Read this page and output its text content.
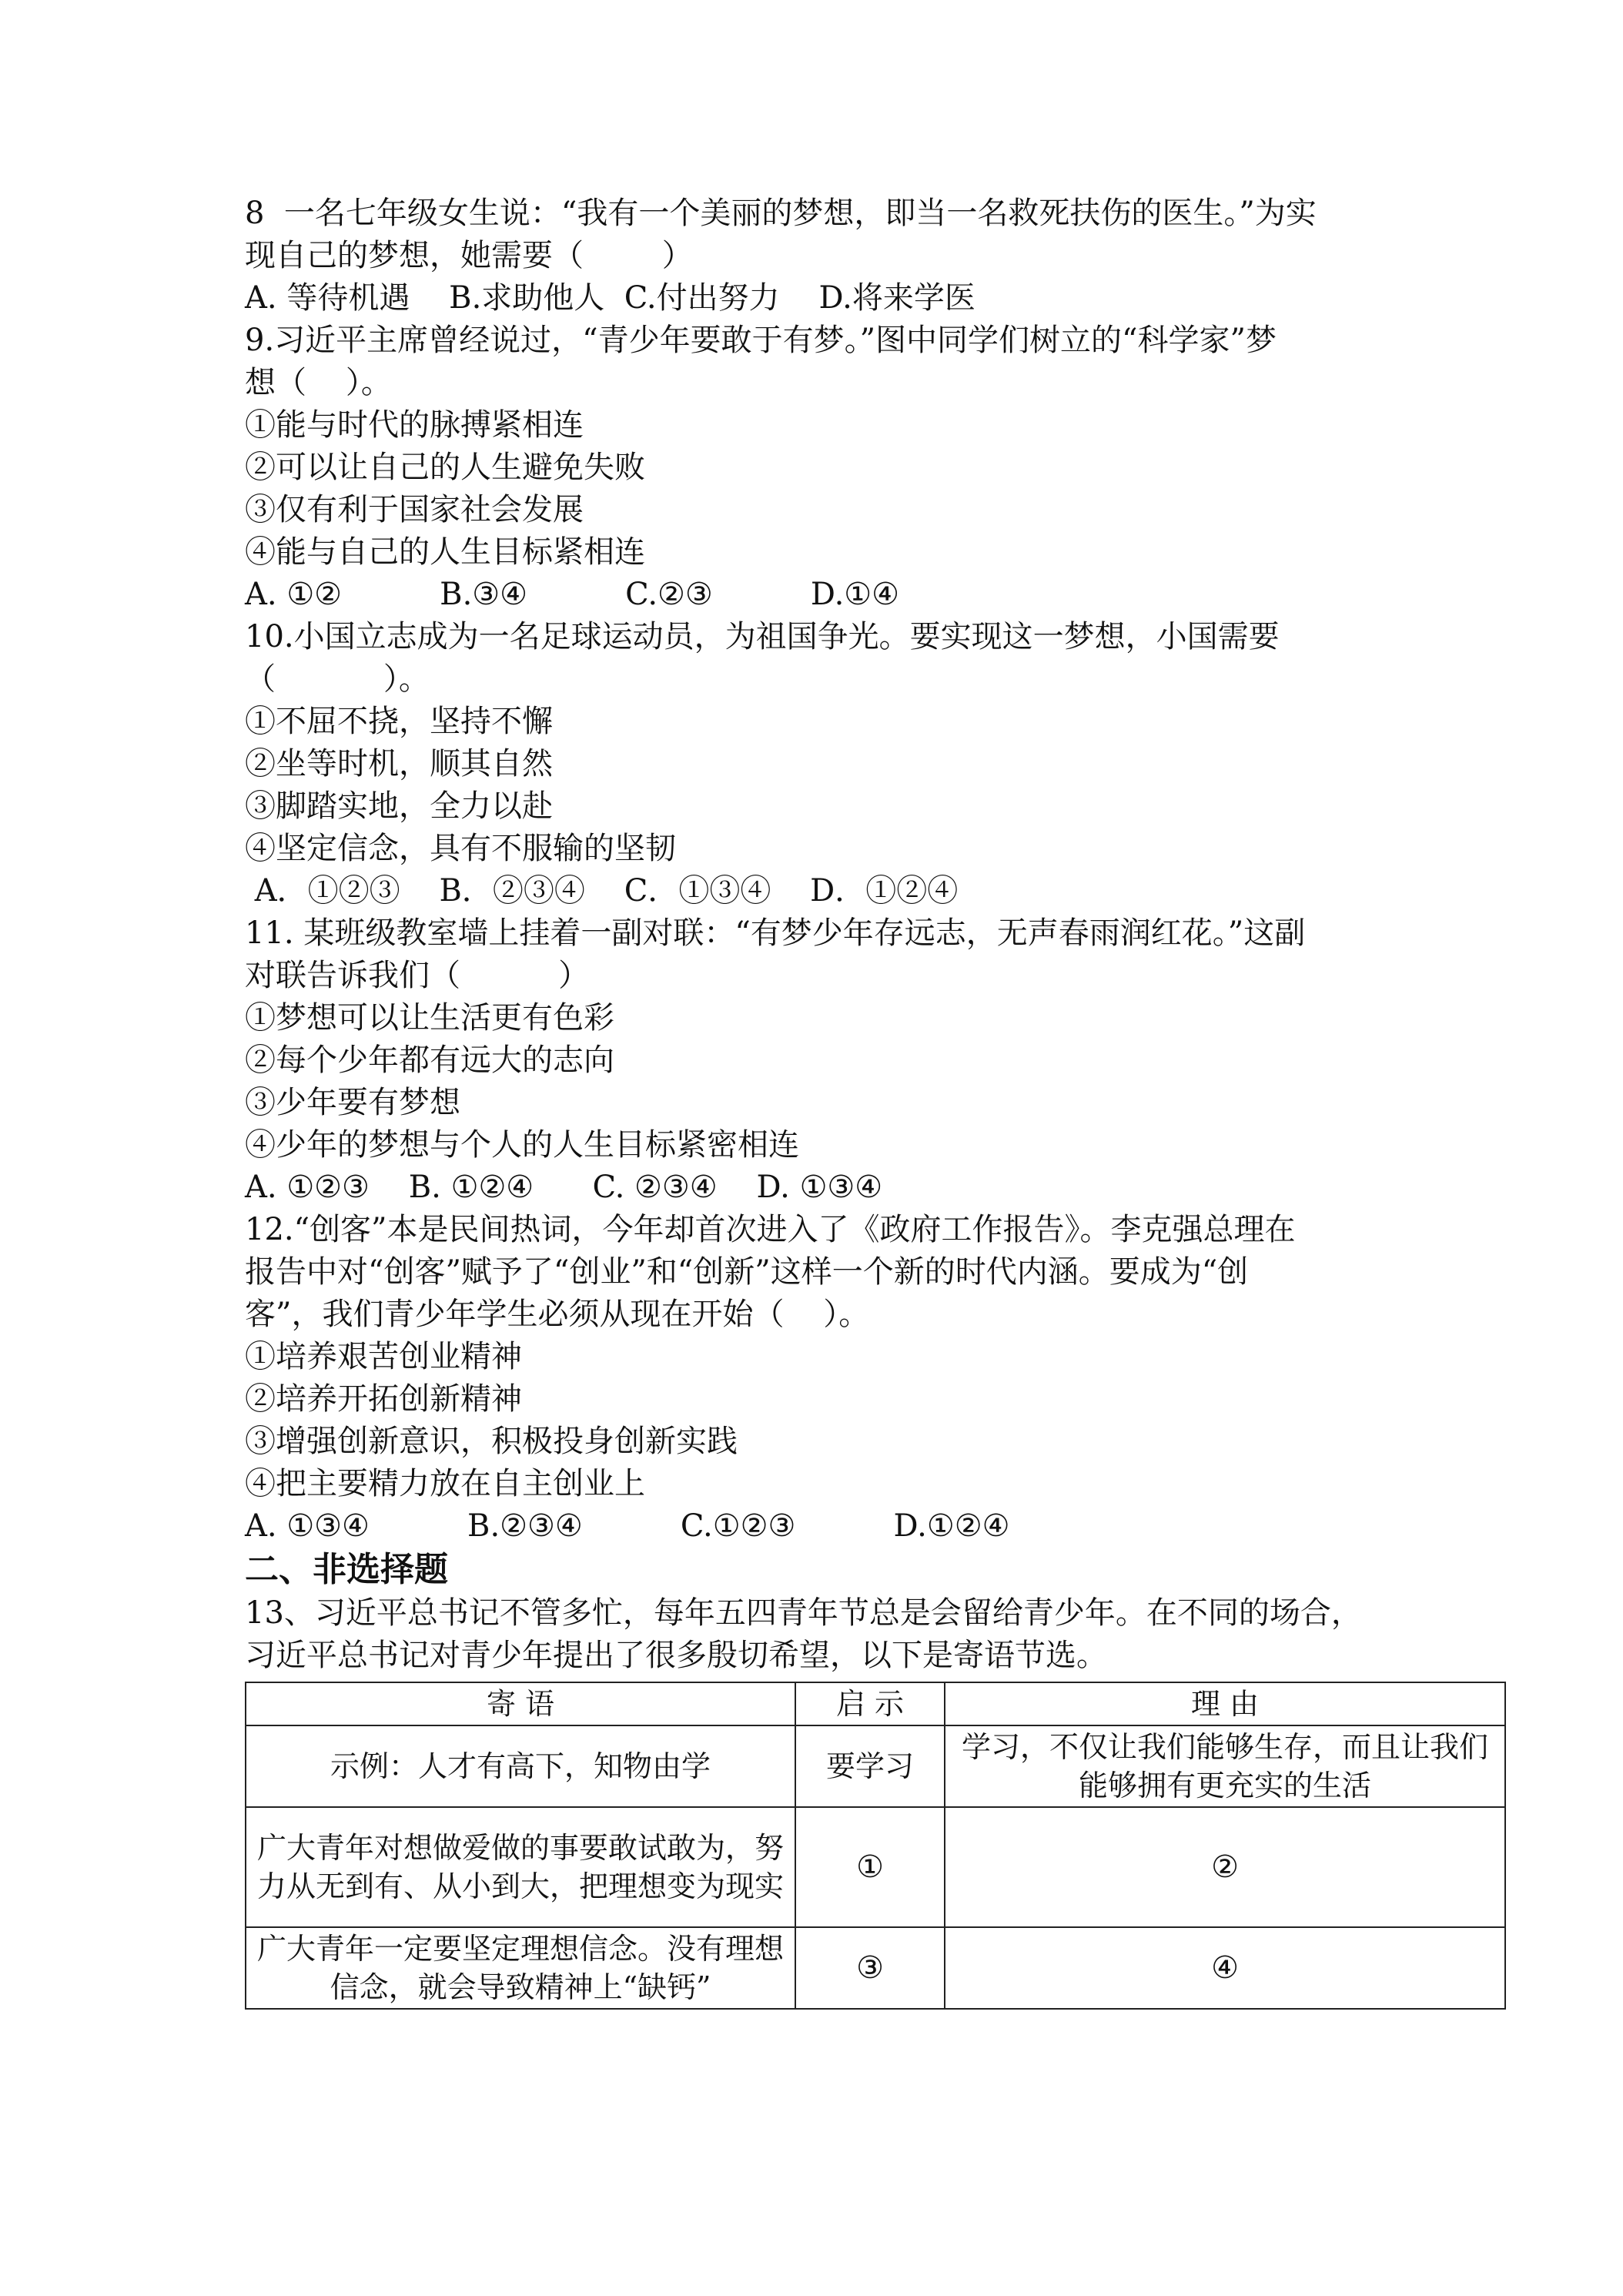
8  一名七年级女生说：“我有一个美丽的梦想，即当一名救死扶伤的医生。”为实
现自己的梦想，她需要（        ）
A. 等待机遇    B.求助他人  C.付出努力    D.将来学医
9.习近平主席曾经说过，“青少年要敢于有梦。”图中同学们树立的“科学家”梦
想（    ）。
①能与时代的脉搏紧相连
②可以让自己的人生避免失败
③仅有利于国家社会发展
④能与自己的人生目标紧相连
A. ①②          B.③④          C.②③          D.①④
10.小国立志成为一名足球运动员，为祖国争光。要实现这一梦想，小国需要
（           ）。
①不屈不挠，坚持不懈
②坐等时机，顺其自然
③脚踏实地，全力以赴
④坚定信念，具有不服输的坚韧
A．①②③    B．②③④    C．①③④    D．①②④
11. 某班级教室墙上挂着一副对联：“有梦少年存远志，无声春雨润红花。”这副
对联告诉我们（          ）
①梦想可以让生活更有色彩
②每个少年都有远大的志向
③少年要有梦想
④少年的梦想与个人的人生目标紧密相连
A. ①②③    B. ①②④      C. ②③④    D. ①③④
12.“创客”本是民间热词，今年却首次进入了《政府工作报告》。李克强总理在
报告中对“创客”赋予了“创业”和“创新”这样一个新的时代内涵。要成为“创
客”，我们青少年学生必须从现在开始（    ）。
①培养艰苦创业精神
②培养开拓创新精神
③增强创新意识，积极投身创新实践
④把主要精力放在自主创业上
A. ①③④          B.②③④          C.①②③          D.①②④
二、非选择题
13、习近平总书记不管多忙，每年五四青年节总是会留给青少年。在不同的场合，
习近平总书记对青少年提出了很多殷切希望，以下是寄语节选。
寄 语	启 示	理 由
示例：人才有高下，知物由学	要学习	学习，不仅让我们能够生存，而且让我们能够拥有更充实的生活
广大青年对想做爱做的事要敢试敢为，努力从无到有、从小到大，把理想变为现实	①	②
广大青年一定要坚定理想信念。没有理想信念，就会导致精神上“缺钙”	③	④
